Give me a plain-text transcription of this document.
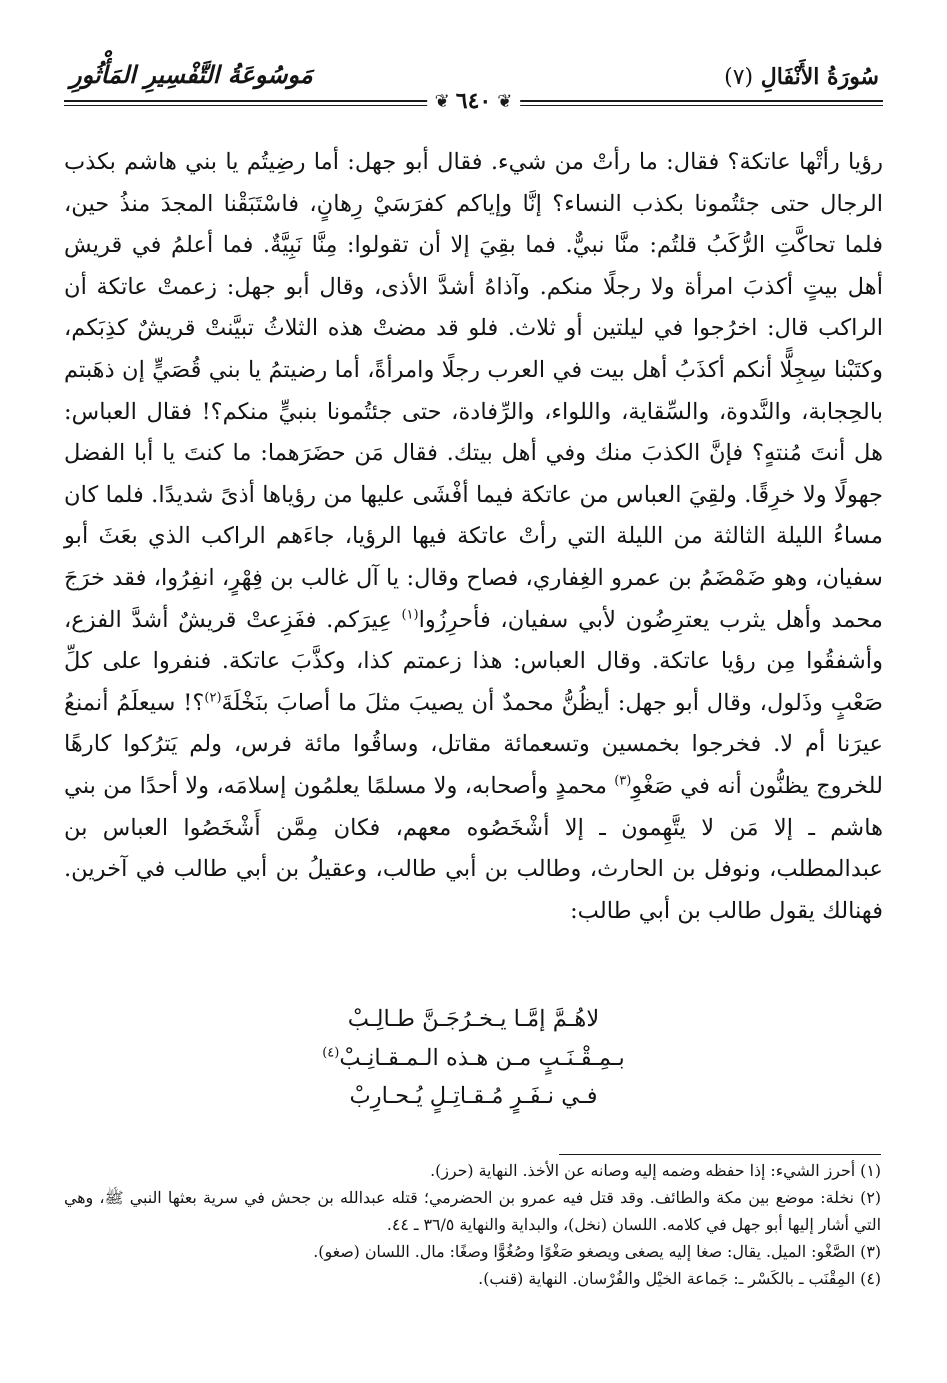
سُورَةُ الأَنْفَالِ (٧)
مَوسُوعَةُ التَّفْسِيرِ المَأْثُورِ
❦ ٦٤٠ ❦

رؤيا رأتْها عاتكة؟ فقال: ما رأتْ من شيء. فقال أبو جهل: أما رضِيتُم يا بني هاشم بكذب الرجال حتى جئتُمونا بكذب النساء؟ إنَّا وإياكم كفرَسَيْ رِهانٍ، فاسْتَبَقْنا المجدَ منذُ حين، فلما تحاكَّتِ الرُّكَبُ قلتُم: منَّا نبيٌّ. فما بقِيَ إلا أن تقولوا: مِنَّا نَبِيَّةٌ. فما أعلمُ في قريش أهل بيتٍ أكذبَ امرأة ولا رجلًا منكم. وآذاهُ أشدَّ الأذى، وقال أبو جهل: زعمتْ عاتكة أن الراكب قال: اخرُجوا في ليلتين أو ثلاث. فلو قد مضتْ هذه الثلاثُ تبيَّنتْ قريشٌ كذِبَكم، وكتَبْنا سِجِلًّا أنكم أكذَبُ أهل بيت في العرب رجلًا وامرأةً، أما رضيتمُ يا بني قُصَيٍّ إن ذهَبتم بالحِجابة، والنَّدوة، والسِّقاية، واللواء، والرِّفادة، حتى جئتُمونا بنبيٍّ منكم؟! فقال العباس: هل أنتَ مُنتهٍ؟ فإنَّ الكذبَ منك وفي أهل بيتك. فقال مَن حضَرَهما: ما كنتَ يا أبا الفضل جهولًا ولا خرِقًا. ولقِيَ العباس من عاتكة فيما أفْشَى عليها من رؤياها أذىً شديدًا. فلما كان مساءُ الليلة الثالثة من الليلة التي رأتْ عاتكة فيها الرؤيا، جاءَهم الراكب الذي بعَثَ أبو سفيان، وهو ضَمْضَمُ بن عمرو الغِفاري، فصاح وقال: يا آل غالب بن فِهْرٍ، انفِرُوا، فقد خرَجَ محمد وأهل يثرب يعترِضُون لأبي سفيان، فأحرِزُوا$^{(١)}$ عِيرَكم. ففَزِعتْ قريشٌ أشدَّ الفزع، وأشفقُوا مِن رؤيا عاتكة. وقال العباس: هذا زعمتم كذا، وكذَّبَ عاتكة. فنفروا على كلِّ صَعْبٍ وذَلول، وقال أبو جهل: أيظُنُّ محمدٌ أن يصيبَ مثلَ ما أصابَ بنَخْلَةَ$^{(٢)}$؟! سيعلَمُ أنمنعُ عيرَنا أم لا. فخرجوا بخمسين وتسعمائة مقاتل، وساقُوا مائة فرس، ولم يَترُكوا كارهًا للخروج يظنُّون أنه في صَغْوِ$^{(٣)}$ محمدٍ وأصحابه، ولا مسلمًا يعلمُون إسلامَه، ولا أحدًا من بني هاشم ـ إلا مَن لا يتَّهِمون ـ إلا أشْخَصُوه معهم، فكان مِمَّن أَشْخَصُوا العباس بن عبدالمطلب، ونوفل بن الحارث، وطالب بن أبي طالب، وعقيلُ بن أبي طالب في آخرين. فهنالك يقول طالب بن أبي طالب:

لاهُـمَّ إمَّـا يـخـرُجَـنَّ طـالِـبْ
بـمِـقْـنَـبٍ مـن هـذه الـمـقـانِـبْ$^{(٤)}$
فـي نـفَـرٍ مُـقـاتِـلٍ يُـحـارِبْ

(١) أحرز الشيء: إذا حفظه وضمه إليه وصانه عن الأخذ. النهاية (حرز).

(٢) نخلة: موضع بين مكة والطائف. وقد قتل فيه عمرو بن الحضرمي؛ قتله عبدالله بن جحش في سرية بعثها النبي ﷺ، وهي التي أشار إليها أبو جهل في كلامه. اللسان (نخل)، والبداية والنهاية ٣٦/٥ ـ ٤٤.

(٣) الصَّغْو: الميل. يقال: صغا إليه يصغى ويصغو صَغْوًا وصُغُوًّا وصغًا: مال. اللسان (صغو).

(٤) المِقْنَب ـ بالكَسْر ـ: جَماعة الخيْل والفُرْسان. النهاية (قنب).
